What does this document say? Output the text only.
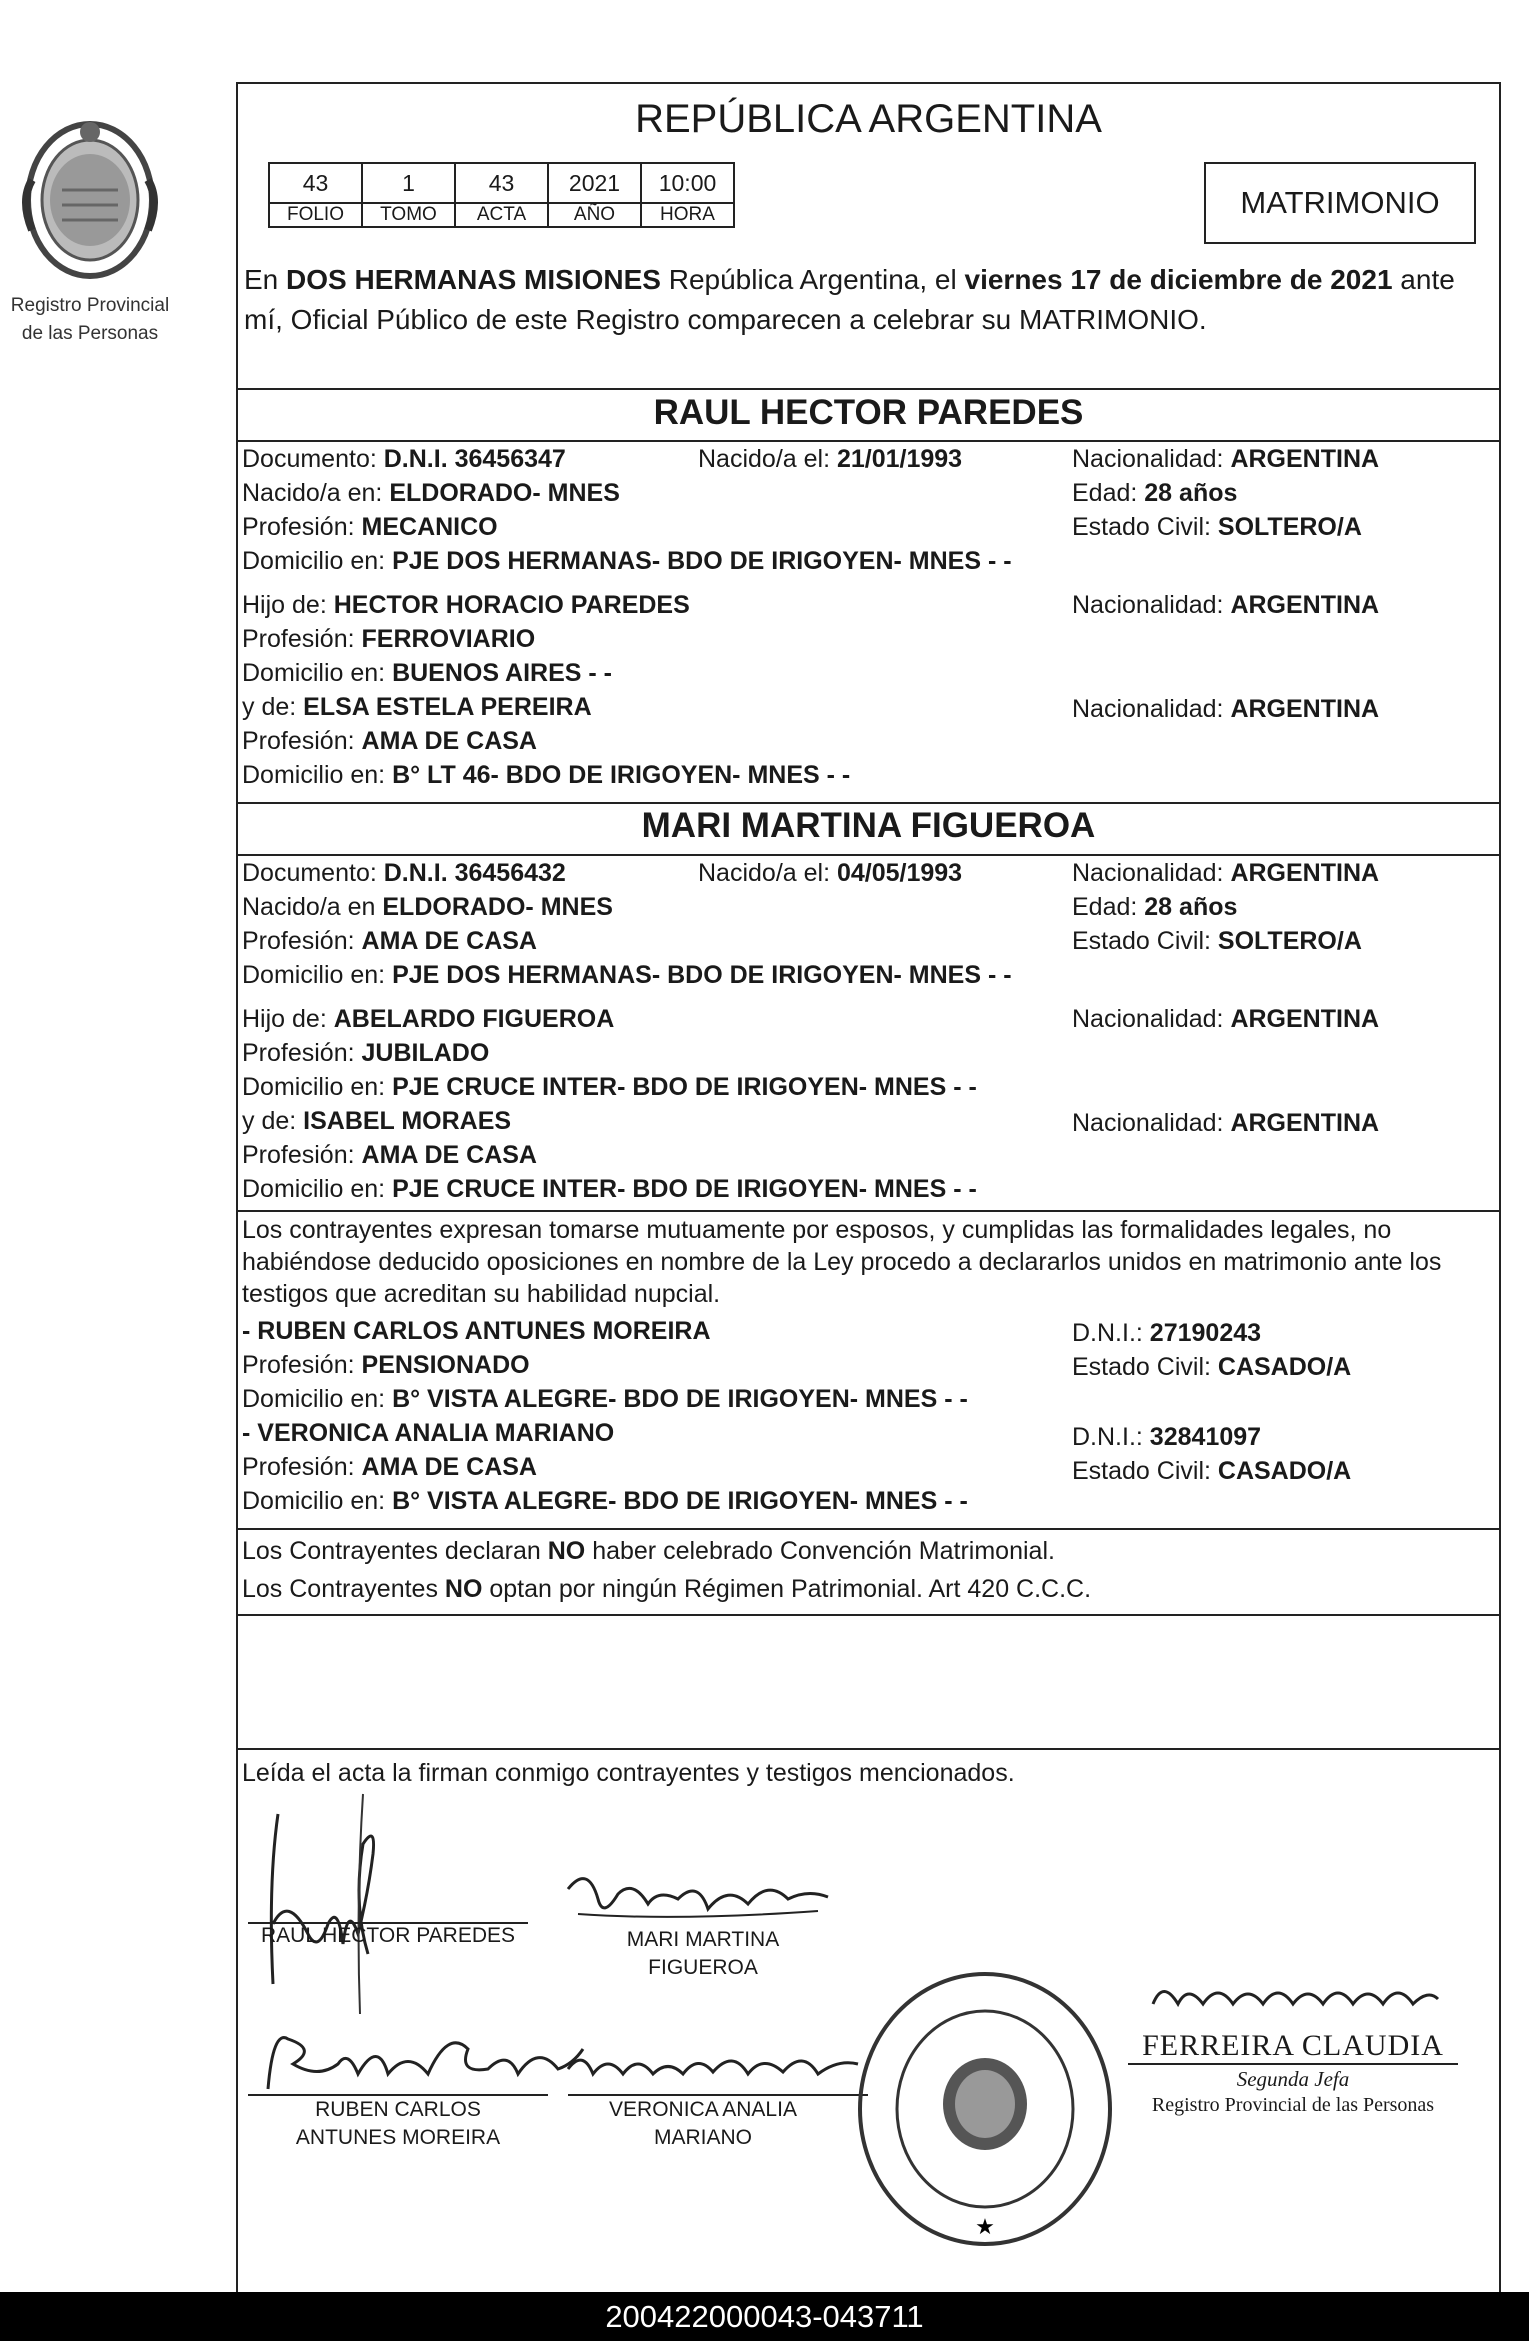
Registro Provincial
de las Personas
REPÚBLICA ARGENTINA
43	1	43	2021	10:00
FOLIO	TOMO	ACTA	AÑO	HORA	MATRIMONIO
En DOS HERMANAS MISIONES República Argentina, el viernes 17 de diciembre de 2021 ante mí, Oficial Público de este Registro comparecen a celebrar su MATRIMONIO.
RAUL HECTOR PAREDES
Documento: D.N.I. 36456347	Nacido/a el: 21/01/1993	Nacionalidad: ARGENTINA
Nacido/a en: ELDORADO- MNES	Edad: 28 años
Profesión: MECANICO	Estado Civil: SOLTERO/A
Domicilio en: PJE DOS HERMANAS- BDO DE IRIGOYEN- MNES - -
Hijo de: HECTOR HORACIO PAREDES	Nacionalidad: ARGENTINA
Profesión: FERROVIARIO
Domicilio en: BUENOS AIRES - -
y de: ELSA ESTELA PEREIRA	Nacionalidad: ARGENTINA
Profesión: AMA DE CASA
Domicilio en: B° LT 46- BDO DE IRIGOYEN- MNES - -
MARI MARTINA FIGUEROA
Documento: D.N.I. 36456432	Nacido/a el: 04/05/1993	Nacionalidad: ARGENTINA
Nacido/a en ELDORADO- MNES	Edad: 28 años
Profesión: AMA DE CASA	Estado Civil: SOLTERO/A
Domicilio en: PJE DOS HERMANAS- BDO DE IRIGOYEN- MNES - -
Hijo de: ABELARDO FIGUEROA	Nacionalidad: ARGENTINA
Profesión: JUBILADO
Domicilio en: PJE CRUCE INTER- BDO DE IRIGOYEN- MNES - -
y de: ISABEL MORAES	Nacionalidad: ARGENTINA
Profesión: AMA DE CASA
Domicilio en: PJE CRUCE INTER- BDO DE IRIGOYEN- MNES - -
Los contrayentes expresan tomarse mutuamente por esposos, y cumplidas las formalidades legales, no habiéndose deducido oposiciones en nombre de la Ley procedo a declararlos unidos en matrimonio ante los testigos que acreditan su habilidad nupcial.
- RUBEN CARLOS ANTUNES MOREIRA	D.N.I.: 27190243
Profesión: PENSIONADO	Estado Civil: CASADO/A
Domicilio en: B° VISTA ALEGRE- BDO DE IRIGOYEN- MNES - -
- VERONICA ANALIA MARIANO	D.N.I.: 32841097
Profesión: AMA DE CASA	Estado Civil: CASADO/A
Domicilio en: B° VISTA ALEGRE- BDO DE IRIGOYEN- MNES - -
Los Contrayentes declaran NO haber celebrado Convención Matrimonial.
Los Contrayentes NO optan por ningún Régimen Patrimonial. Art 420 C.C.C.
Leída el acta la firman conmigo contrayentes y testigos mencionados.
RAUL HECTOR PAREDES	MARI MARTINA
FIGUEROA
RUBEN CARLOS
ANTUNES MOREIRA
VERONICA ANALIA
MARIANO
★
FERREIRA CLAUDIA
Segunda Jefa
Registro Provincial de las Personas
200422000043-043711
